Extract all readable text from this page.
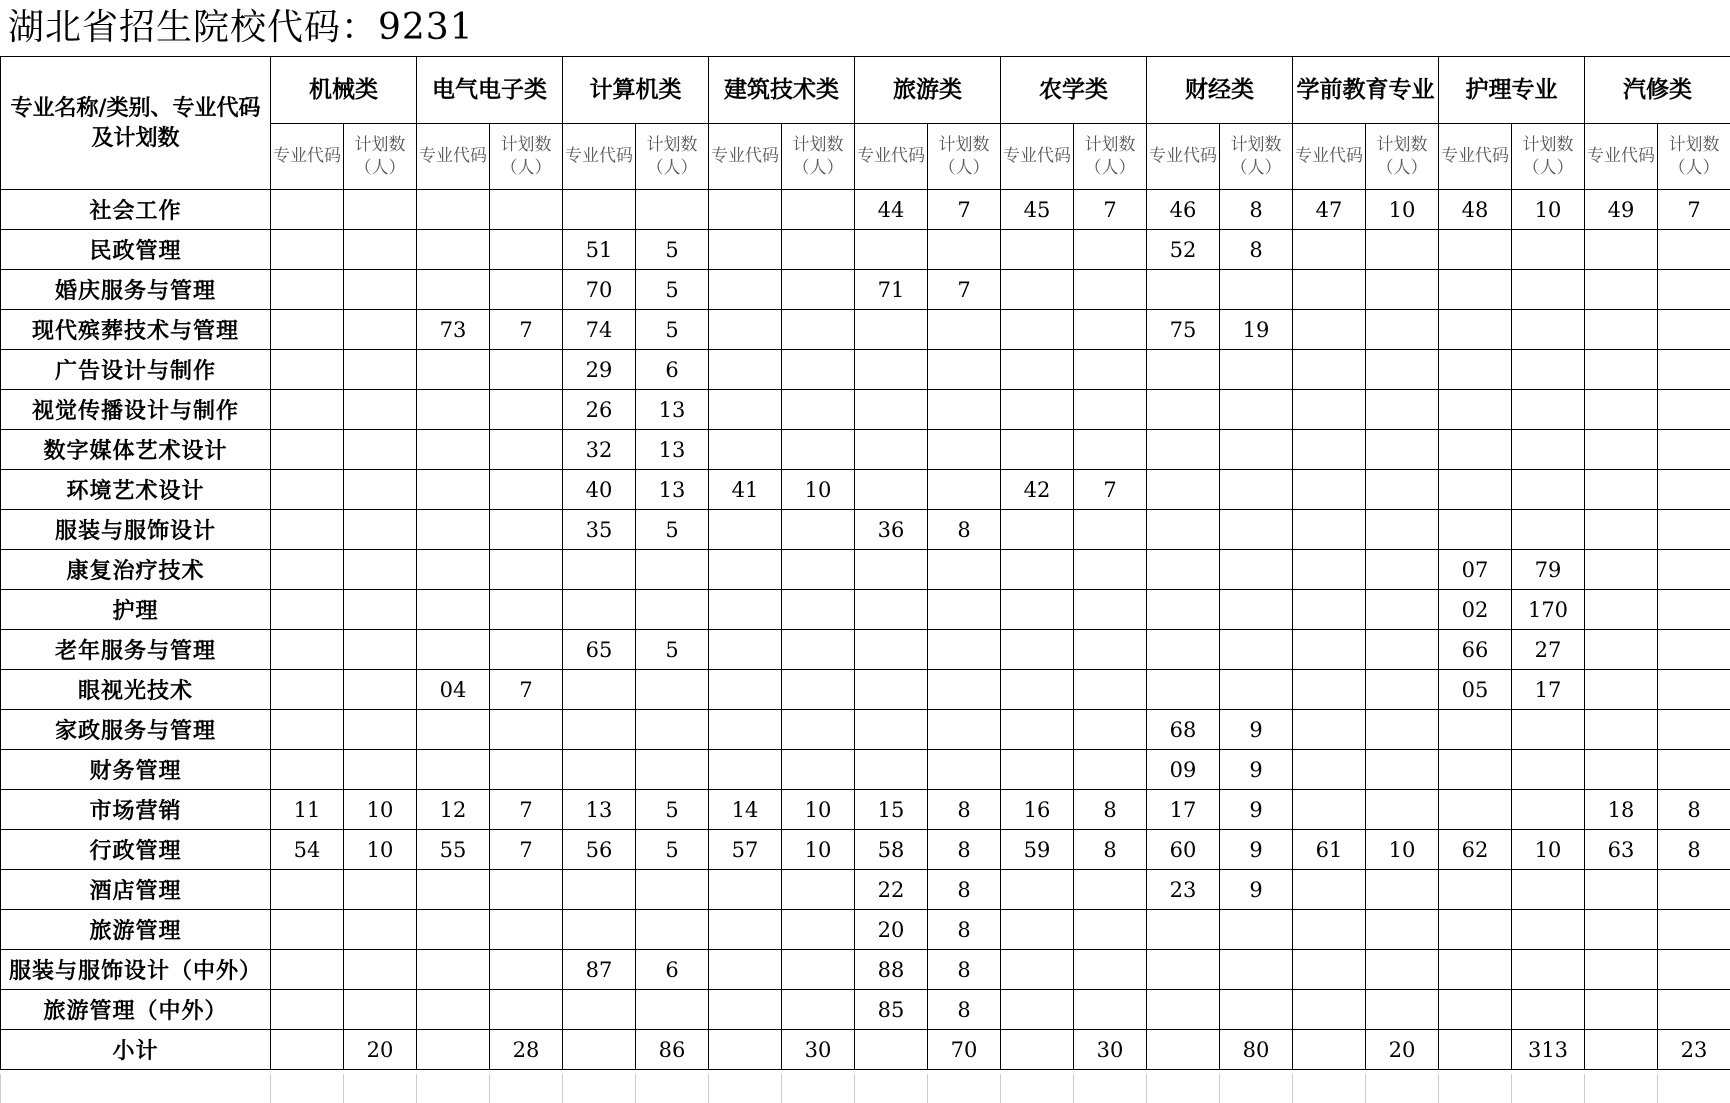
湖北省招生院校代码：9231
专业名称/类别、专业代码及计划数	机械类		电气电子类		计算机类		建筑技术类		旅游类		农学类		财经类		学前教育专业		护理专业		汽修类	
	专业代码	计划数（人）	专业代码	计划数（人）	专业代码	计划数（人）	专业代码	计划数（人）	专业代码	计划数（人）	专业代码	计划数（人）	专业代码	计划数（人）	专业代码	计划数（人）	专业代码	计划数（人）	专业代码	计划数（人）
社会工作									44	7	45	7	46	8	47	10	48	10	49	7
民政管理					51	5							52	8						
婚庆服务与管理					70	5			71	7										
现代殡葬技术与管理			73	7	74	5							75	19						
广告设计与制作					29	6														
视觉传播设计与制作					26	13														
数字媒体艺术设计					32	13														
环境艺术设计					40	13	41	10			42	7								
服装与服饰设计					35	5			36	8										
康复治疗技术																	07	79		
护理																	02	170		
老年服务与管理					65	5											66	27		
眼视光技术			04	7													05	17		
家政服务与管理													68	9						
财务管理													09	9						
市场营销	11	10	12	7	13	5	14	10	15	8	16	8	17	9					18	8
行政管理	54	10	55	7	56	5	57	10	58	8	59	8	60	9	61	10	62	10	63	8
酒店管理									22	8			23	9						
旅游管理									20	8										
服装与服饰设计（中外）					87	6			88	8										
旅游管理（中外）									85	8										
小计		20		28		86		30		70		30		80		20		313		23
